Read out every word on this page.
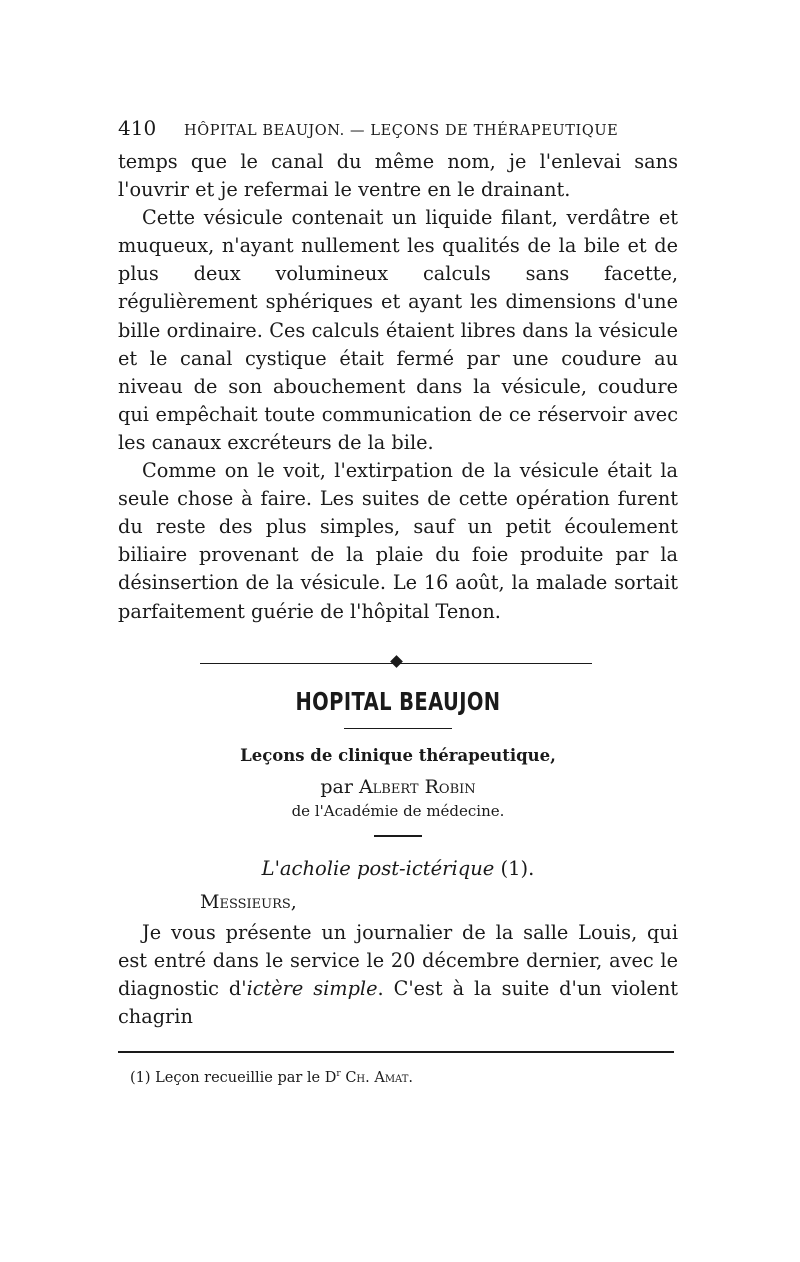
410	HÔPITAL BEAUJON. — LEÇONS DE THÉRAPEUTIQUE

temps que le canal du même nom, je l'enlevai sans l'ouvrir et je refermai le ventre en le drainant.

Cette vésicule contenait un liquide filant, verdâtre et muqueux, n'ayant nullement les qualités de la bile et de plus deux volumineux calculs sans facette, régulièrement sphériques et ayant les dimensions d'une bille ordinaire. Ces calculs étaient libres dans la vésicule et le canal cystique était fermé par une coudure au niveau de son abouchement dans la vésicule, coudure qui empêchait toute communication de ce réservoir avec les canaux excréteurs de la bile.

Comme on le voit, l'extirpation de la vésicule était la seule chose à faire. Les suites de cette opération furent du reste des plus simples, sauf un petit écoulement biliaire provenant de la plaie du foie produite par la désinsertion de la vésicule. Le 16 août, la malade sortait parfaitement guérie de l'hôpital Tenon.

HOPITAL BEAUJON
Leçons de clinique thérapeutique,
par Albert Robin
de l'Académie de médecine.
L'acholie post-ictérique (1).
Messieurs,

Je vous présente un journalier de la salle Louis, qui est entré dans le service le 20 décembre dernier, avec le diagnostic d'ictère simple. C'est à la suite d'un violent chagrin

(1) Leçon recueillie par le $D^r$ Ch. Amat.
